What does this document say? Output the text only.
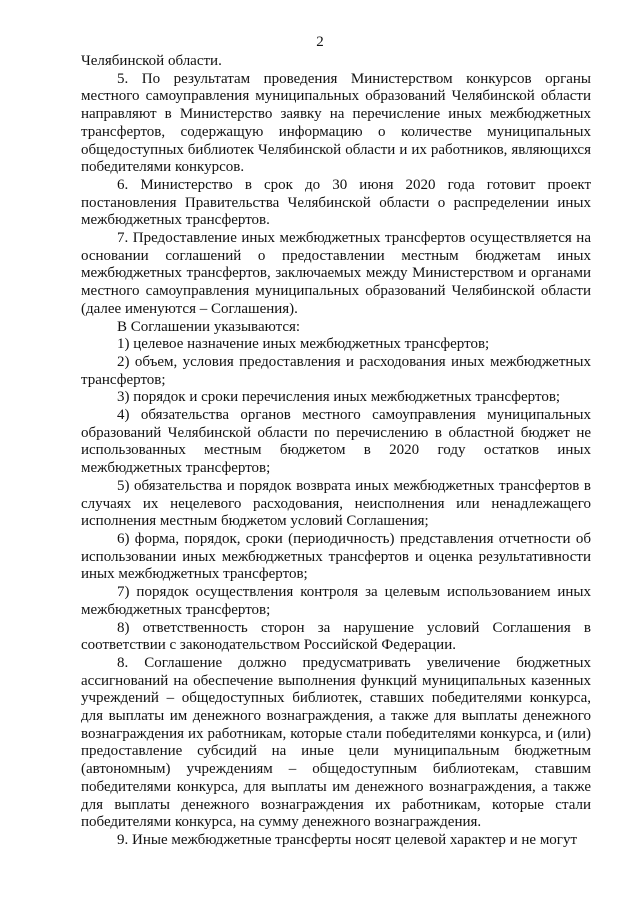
2

Челябинской области.

5. По результатам проведения Министерством конкурсов органы местного самоуправления муниципальных образований Челябинской области направляют в Министерство заявку на перечисление иных межбюджетных трансфертов, содержащую информацию о количестве муниципальных общедоступных библиотек Челябинской области и их работников, являющихся победителями конкурсов.

6. Министерство в срок до 30 июня 2020 года готовит проект постановления Правительства Челябинской области о распределении иных межбюджетных трансфертов.

7. Предоставление иных межбюджетных трансфертов осуществляется на основании соглашений о предоставлении местным бюджетам иных межбюджетных трансфертов, заключаемых между Министерством и органами местного самоуправления муниципальных образований Челябинской области (далее именуются – Соглашения).

В Соглашении указываются:

1) целевое назначение иных межбюджетных трансфертов;

2) объем, условия предоставления и расходования иных межбюджетных трансфертов;

3) порядок и сроки перечисления иных межбюджетных трансфертов;

4) обязательства органов местного самоуправления муниципальных образований Челябинской области по перечислению в областной бюджет не использованных местным бюджетом в 2020 году остатков иных межбюджетных трансфертов;

5) обязательства и порядок возврата иных межбюджетных трансфертов в случаях их нецелевого расходования, неисполнения или ненадлежащего исполнения местным бюджетом условий Соглашения;

6) форма, порядок, сроки (периодичность) представления отчетности об использовании иных межбюджетных трансфертов и оценка результативности иных межбюджетных трансфертов;

7) порядок осуществления контроля за целевым использованием иных межбюджетных трансфертов;

8) ответственность сторон за нарушение условий Соглашения в соответствии с законодательством Российской Федерации.

8. Соглашение должно предусматривать увеличение бюджетных ассигнований на обеспечение выполнения функций муниципальных казенных учреждений – общедоступных библиотек, ставших победителями конкурса, для выплаты им денежного вознаграждения, а также для выплаты денежного вознаграждения их работникам, которые стали победителями конкурса, и (или) предоставление субсидий на иные цели муниципальным бюджетным (автономным) учреждениям – общедоступным библиотекам, ставшим победителями конкурса, для выплаты им денежного вознаграждения, а также для выплаты денежного вознаграждения их работникам, которые стали победителями конкурса, на сумму денежного вознаграждения.

9. Иные межбюджетные трансферты носят целевой характер и не могут
